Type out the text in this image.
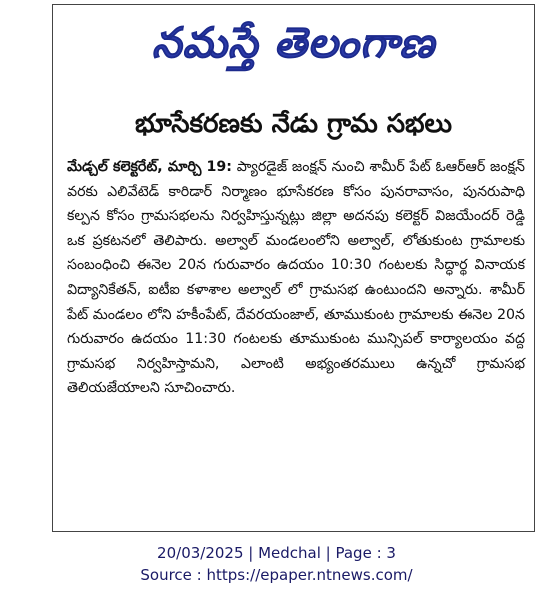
నమస్తే తెలంగాణ
భూసేకరణకు నేడు గ్రామ సభలు
మేడ్చల్ కలెక్టరేట్, మార్చి 19: ప్యారడైజ్ జంక్షన్ నుంచి శామీర్ పేట్ ఓఆర్ఆర్ జంక్షన్ వరకు ఎలివేటెడ్ కారిడార్ నిర్మాణం భూసేకరణ కోసం పునరావాసం, పునరుపాధి కల్పన కోసం గ్రామసభలను నిర్వహిస్తున్నట్లు జిల్లా అదనపు కలెక్టర్ విజయేందర్ రెడ్డి ఒక ప్రకటనలో తెలిపారు. అల్వాల్ మండలంలోని అల్వాల్, లోతుకుంట గ్రామాలకు సంబంధించి ఈనెల 20న గురువారం ఉదయం 10:30 గంటలకు సిద్ధార్థ వినాయక విద్యానికేతన్, ఐటీఐ కళాశాల అల్వాల్ లో గ్రామసభ ఉంటుందని అన్నారు. శామీర్ పేట్ మండలం లోని హకీంపేట్, దేవరయంజాల్, తూముకుంట గ్రామాలకు ఈనెల 20న గురువారం ఉదయం 11:30 గంటలకు తూముకుంట మున్సిపల్ కార్యాలయం వద్ద గ్రామసభ నిర్వహిస్తామని, ఎలాంటి అభ్యంతరములు ఉన్నచో గ్రామసభ తెలియజేయాలని సూచించారు.
20/03/2025 | Medchal | Page : 3
Source : https://epaper.ntnews.com/
